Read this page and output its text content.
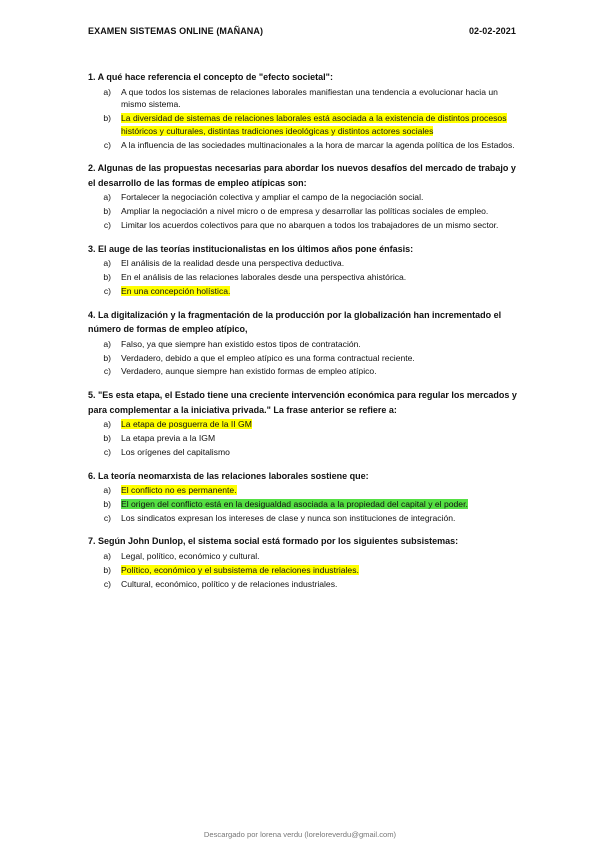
EXAMEN SISTEMAS ONLINE (MAÑANA)	02-02-2021
1. A qué hace referencia el concepto de "efecto societal":
a)	A que todos los sistemas de relaciones laborales manifiestan una tendencia a evolucionar hacia un mismo sistema.
b)	La diversidad de sistemas de relaciones laborales está asociada a la existencia de distintos procesos históricos y culturales, distintas tradiciones ideológicas y distintos actores sociales
c)	A la influencia de las sociedades multinacionales a la hora de marcar la agenda política de los Estados.
2. Algunas de las propuestas necesarias para abordar los nuevos desafíos del mercado de trabajo y el desarrollo de las formas de empleo atípicas son:
a)	Fortalecer la negociación colectiva y ampliar el campo de la negociación social.
b)	Ampliar la negociación a nivel micro o de empresa y desarrollar las políticas sociales de empleo.
c)	Limitar los acuerdos colectivos para que no abarquen a todos los trabajadores de un mismo sector.
3. El auge de las teorías institucionalistas en los últimos años pone énfasis:
a)	El análisis de la realidad desde una perspectiva deductiva.
b)	En el análisis de las relaciones laborales desde una perspectiva ahistórica.
c)	En una concepción holística.
4. La digitalización y la fragmentación de la producción por la globalización han incrementado el número de formas de empleo atípico,
a)	Falso, ya que siempre han existido estos tipos de contratación.
b)	Verdadero, debido a que el empleo atípico es una forma contractual reciente.
c)	Verdadero, aunque siempre han existido formas de empleo atípico.
5. "Es esta etapa, el Estado tiene una creciente intervención económica para regular los mercados y para complementar a la iniciativa privada." La frase anterior se refiere a:
a)	La etapa de posguerra de la II GM
b)	La etapa previa a la IGM
c)	Los orígenes del capitalismo
6. La teoría neomarxista de las relaciones laborales sostiene que:
a)	El conflicto no es permanente.
b)	El origen del conflicto está en la desigualdad asociada a la propiedad del capital y el poder.
c)	Los sindicatos expresan los intereses de clase y nunca son instituciones de integración.
7. Según John Dunlop, el sistema social está formado por los siguientes subsistemas:
a)	Legal, político, económico y cultural.
b)	Político, económico y el subsistema de relaciones industriales.
c)	Cultural, económico, político y de relaciones industriales.
Descargado por lorena verdu (loreloreverdu@gmail.com)
